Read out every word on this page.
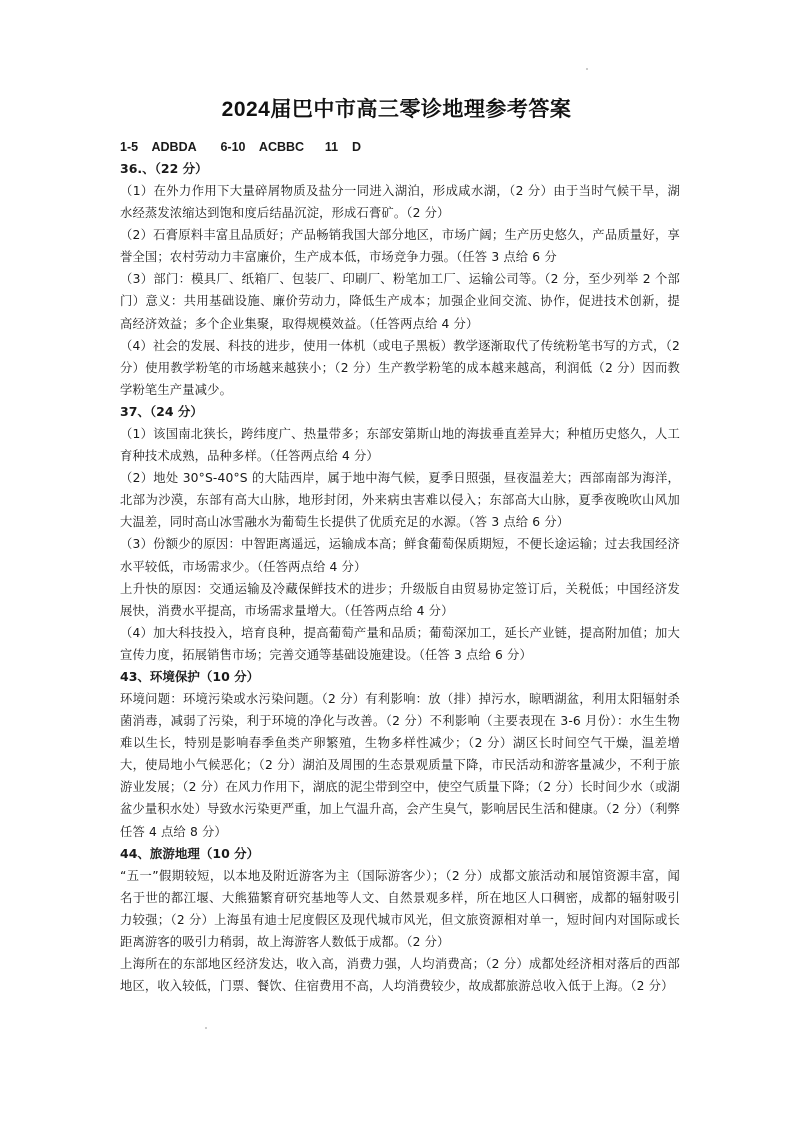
2024届巴中市高三零诊地理参考答案
1-5    ADBDA       6-10    ACBBC      11    D
36.、（22 分）
（1）在外力作用下大量碎屑物质及盐分一同进入湖泊，形成咸水湖，（2 分）由于当时气候干旱，湖水经蒸发浓缩达到饱和度后结晶沉淀，形成石膏矿。（2 分）
（2）石膏原料丰富且品质好；产品畅销我国大部分地区，市场广阔；生产历史悠久，产品质量好，享誉全国；农村劳动力丰富廉价，生产成本低，市场竞争力强。（任答 3 点给 6 分
（3）部门：模具厂、纸箱厂、包装厂、印刷厂、粉笔加工厂、运输公司等。（2 分，至少列举 2 个部门）意义：共用基础设施、廉价劳动力，降低生产成本；加强企业间交流、协作，促进技术创新，提高经济效益；多个企业集聚，取得规模效益。（任答两点给 4 分）
（4）社会的发展、科技的进步，使用一体机（或电子黑板）教学逐渐取代了传统粉笔书写的方式，（2 分）使用教学粉笔的市场越来越狭小；（2 分）生产教学粉笔的成本越来越高，利润低（2 分）因而教学粉笔生产量减少。
37、（24 分）
（1）该国南北狭长，跨纬度广、热量带多；东部安第斯山地的海拔垂直差异大；种植历史悠久，人工育种技术成熟，品种多样。（任答两点给 4 分）
（2）地处 30°S-40°S 的大陆西岸，属于地中海气候，夏季日照强，昼夜温差大；西部南部为海洋，北部为沙漠，东部有高大山脉，地形封闭，外来病虫害难以侵入；东部高大山脉，夏季夜晚吹山风加大温差，同时高山冰雪融水为葡萄生长提供了优质充足的水源。（答 3 点给 6 分）
（3）份额少的原因：中智距离遥远，运输成本高；鲜食葡萄保质期短，不便长途运输；过去我国经济水平较低，市场需求少。（任答两点给 4 分）
上升快的原因：交通运输及冷藏保鲜技术的进步；升级版自由贸易协定签订后，关税低；中国经济发展快，消费水平提高，市场需求量增大。（任答两点给 4 分）
（4）加大科技投入，培育良种，提高葡萄产量和品质；葡萄深加工，延长产业链，提高附加值；加大宣传力度，拓展销售市场；完善交通等基础设施建设。（任答 3 点给 6 分）
43、环境保护（10 分）
环境问题：环境污染或水污染问题。（2 分）有利影响：放（排）掉污水，晾晒湖盆，利用太阳辐射杀菌消毒，减弱了污染，利于环境的净化与改善。（2 分）不利影响（主要表现在 3-6 月份）：水生生物难以生长，特别是影响春季鱼类产卵繁殖，生物多样性减少；（2 分）湖区长时间空气干燥，温差增大，使局地小气候恶化；（2 分）湖泊及周围的生态景观质量下降，市民活动和游客量减少，不利于旅游业发展；（2 分）在风力作用下，湖底的泥尘带到空中，使空气质量下降；（2 分）长时间少水（或湖盆少量积水处）导致水污染更严重，加上气温升高，会产生臭气，影响居民生活和健康。（2 分）（利弊任答 4 点给 8 分）
44、旅游地理（10 分）
“五一”假期较短，以本地及附近游客为主（国际游客少）；（2 分）成都文旅活动和展馆资源丰富，闻名于世的都江堰、大熊猫繁育研究基地等人文、自然景观多样，所在地区人口稠密，成都的辐射吸引力较强；（2 分）上海虽有迪士尼度假区及现代城市风光，但文旅资源相对单一，短时间内对国际或长距离游客的吸引力稍弱，故上海游客人数低于成都。（2 分）
上海所在的东部地区经济发达，收入高，消费力强，人均消费高；（2 分）成都处经济相对落后的西部地区，收入较低，门票、餐饮、住宿费用不高，人均消费较少，故成都旅游总收入低于上海。（2 分）
